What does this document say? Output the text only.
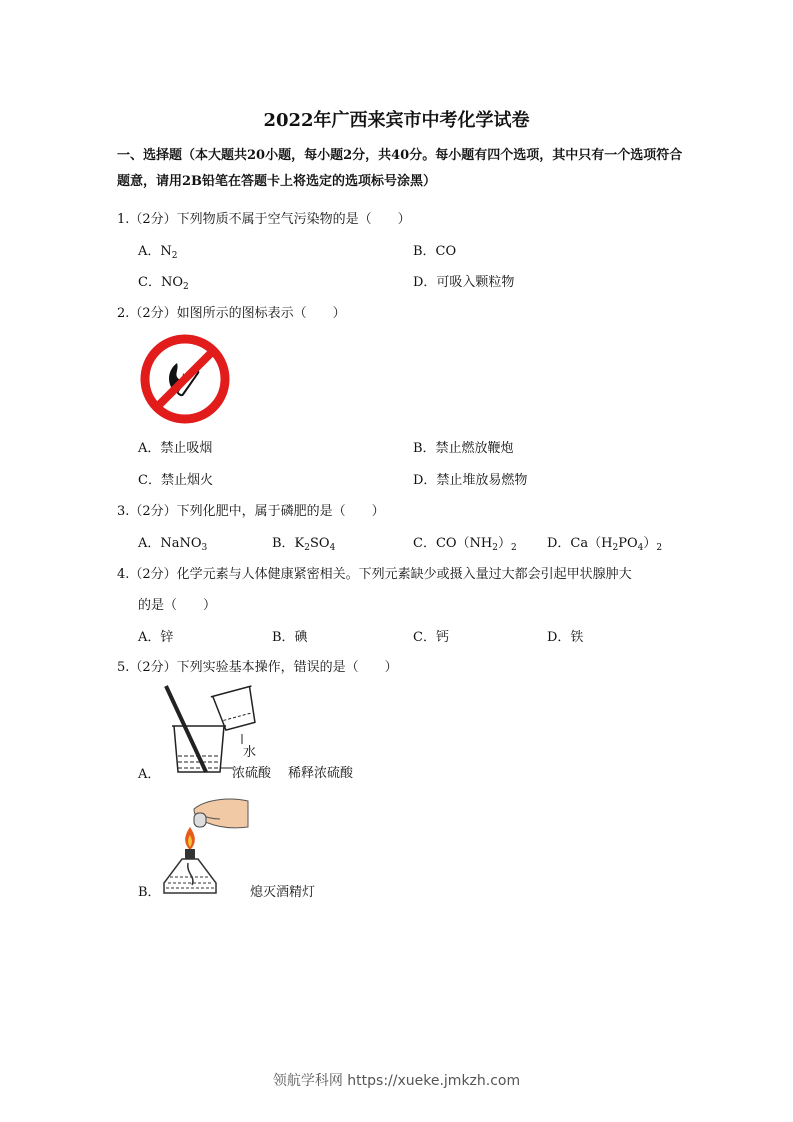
2022年广西来宾市中考化学试卷
一、选择题（本大题共20小题，每小题2分，共40分。每小题有四个选项，其中只有一个选项符合题意，请用2B铅笔在答题卡上将选定的选项标号涂黑）
1.（2分）下列物质不属于空气污染物的是（　　）
A．$N_2$	B．CO
C．$NO_2$	D．可吸入颗粒物
2.（2分）如图所示的图标表示（　　）
A．禁止吸烟	B．禁止燃放鞭炮
C．禁止烟火	D．禁止堆放易燃物
3.（2分）下列化肥中，属于磷肥的是（　　）
A．NaNO$_3$	B．$K_2SO_4$	C．$CO(NH_2)_2$ D．$Ca(H_2PO_4)_2$
4.（2分）化学元素与人体健康紧密相关。下列元素缺少或摄入量过大都会引起甲状腺肿大
的是（　　）
A．锌	B．碘	C．钙	D．铁
5.（2分）下列实验基本操作，错误的是（　　）
A．
水
浓硫酸 稀释浓硫酸
B．	熄灭酒精灯
领航学科网 https://xueke.jmkzh.com
